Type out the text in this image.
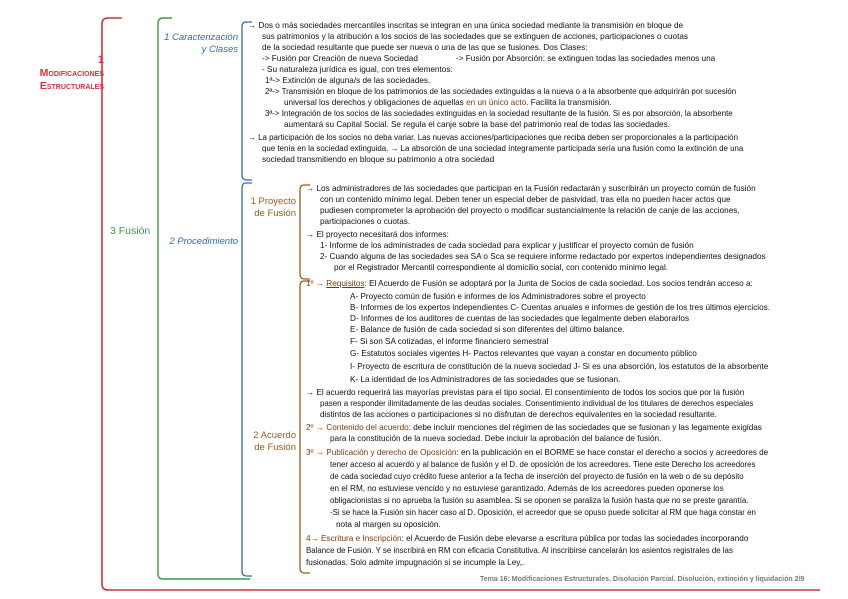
1
Modificaciones
Estructurales
3 Fusión
1 Caracterización
y Clases
2 Procedimiento
1 Proyecto
de Fusión
2 Acuerdo
de Fusión
→ Dos o más sociedades mercantiles inscritas se integran en una única sociedad mediante la transmisión en bloque de
sus patrimonios y la atribución a los socios de las sociedades que se extinguen de acciones, participaciones o cuotas
de la sociedad resultante que puede ser nueva o una de las que se fusiones. Dos Clases:
-> Fusión por Creación de nueva Sociedad	-> Fusión por Absorción: se extinguen todas las sociedades menos una
- Su naturaleza jurídica es igual, con tres elementos:
1ª-> Extinción de alguna/s de las sociedades.
2ª-> Transmisión en bloque de los patrimonios de las sociedades extinguidas a la nueva o a la absorbente que adquirirán por sucesión
universal los derechos y obligaciones de aquellas en un único acto. Facilita la transmisión.
3ª-> Integración de los socios de las sociedades extinguidas en la sociedad resultante de la fusión. Si es por absorción, la absorbente
aumentará su Capital Social. Se regula el canje sobre la base del patrimonio real de todas las sociedades.
→ La participación de los socios no deba variar. Las nuevas acciones/participaciones que reciba deben ser proporcionales a la participación
que tenía en la sociedad extinguida. → La absorción de una sociedad íntegramente participada sería una fusión como la extinción de una
sociedad transmitiendo en bloque su patrimonio a otra sociedad
→ Los administradores de las sociedades que participan en la Fusión redactarán y suscribirán un proyecto común de fusión
con un contenido mínimo legal. Deben tener un especial deber de pasividad, tras ella no pueden hacer actos que
pudiesen comprometer la aprobación del proyecto o modificar sustancialmente la relación de canje de las acciones,
participaciones o cuotas.
→ El proyecto necesitará dos informes:
1- Informe de los administrades de cada sociedad para explicar y justificar el proyecto común de fusión
2- Cuando alguna de las sociedades sea SA o Sca se requiere informe redactado por expertos independientes designados
por el Registrador Mercantil correspondiente al domicilio social, con contenido mínimo legal.
1º → Requisitos: El Acuerdo de Fusión se adoptará por la Junta de Socios de cada sociedad. Los socios tendrán acceso a:
A- Proyecto común de fusión e informes de los Administradores sobre el proyecto
B- Informes de los expertos independientes C- Cuentas anuales e informes de gestión de los tres últimos ejercicios.
D- Informes de los auditores de cuentas de las sociedades que legalmente deben elaborarlos
E- Balance de fusión de cada sociedad si son diferentes del último balance.
F- Si son SA cotizadas, el informe financiero semestral
G- Estatutos sociales vigentes H- Pactos relevantes que vayan a constar en documento público
I- Proyecto de escritura de constitución de la nueva sociedad J- Si es una absorción, los estatutos de la absorbente
K- La identidad de los Administradores de las sociedades que se fusionan.
→ El acuerdo requerirá las mayorías previstas para el tipo social. El consentimiento de todos los socios que por la fusión
pasen a responder ilimitadamente de las deudas sociales. Consentimiento individual de los titulares de derechos especiales
distintos de las acciones o participaciones si no disfrutan de derechos equivalentes en la sociedad resultante.
2º → Contenido del acuerdo: debe incluir menciones del régimen de las sociedades que se fusionan y las legamente exigidas
para la constitución de la nueva sociedad. Debe incluir la aprobación del balance de fusión.
3º → Publicación y derecho de Oposición: en la publicación en el BORME se hace constar el derecho a socios y acreedores de
tener acceso al acuerdo y al balance de fusión y el D. de oposición de los acreedores. Tiene este Derecho los acreedores
de cada sociedad cuyo crédito fuese anterior a la fecha de inserción del proyecto de fusión en la web o de su depósito
en el RM, no estuviese vencido y no estuviese garantizado. Además de los acreedores pueden oponerse los
obligacionistas si no aprueba la fusión su asamblea. Si se oponen se paraliza la fusión hasta que no se preste garantía.
-Si se hace la Fusión sin hacer caso al D. Oposición, el acreedor que se opuso puede solicitar al RM que haga constar en
nota al margen su oposición.
4→ Escritura e Inscripción: el Acuerdo de Fusión debe elevarse a escritura pública por todas las sociedades incorporando
Balance de Fusión. Y se inscribirá en RM con eficacia Constitutiva. Al inscribirse cancelarán los asientos registrales de las
fusionadas. Solo admite impugnación si se incumple la Ley,.
Tema 16: Modificaciones Estructurales. Disolución Parcial. Disolución, extinción y liquidación 2/9
